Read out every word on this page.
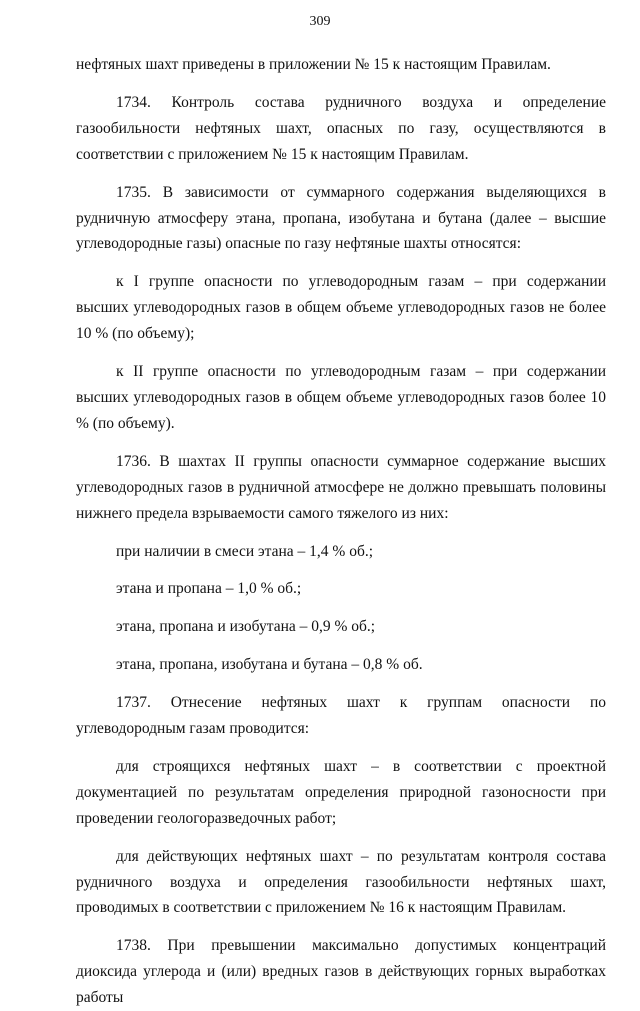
309

нефтяных шахт приведены в приложении № 15 к настоящим Правилам.

1734. Контроль состава рудничного воздуха и определение газообильности нефтяных шахт, опасных по газу, осуществляются в соответствии с приложением № 15 к настоящим Правилам.

1735. В зависимости от суммарного содержания выделяющихся в рудничную атмосферу этана, пропана, изобутана и бутана (далее – высшие углеводородные газы) опасные по газу нефтяные шахты относятся:

к I группе опасности по углеводородным газам – при содержании высших углеводородных газов в общем объеме углеводородных газов не более 10 % (по объему);

к II группе опасности по углеводородным газам – при содержании высших углеводородных газов в общем объеме углеводородных газов более 10 % (по объему).

1736. В шахтах II группы опасности суммарное содержание высших углеводородных газов в рудничной атмосфере не должно превышать половины нижнего предела взрываемости самого тяжелого из них:

при наличии в смеси этана – 1,4 % об.;

этана и пропана – 1,0 % об.;

этана, пропана и изобутана – 0,9 % об.;

этана, пропана, изобутана и бутана – 0,8 % об.

1737. Отнесение нефтяных шахт к группам опасности по углеводородным газам проводится:

для строящихся нефтяных шахт – в соответствии с проектной документацией по результатам определения природной газоносности при проведении геологоразведочных работ;

для действующих нефтяных шахт – по результатам контроля состава рудничного воздуха и определения газообильности нефтяных шахт, проводимых в соответствии с приложением № 16 к настоящим Правилам.

1738. При превышении максимально допустимых концентраций диоксида углерода и (или) вредных газов в действующих горных выработках работы
